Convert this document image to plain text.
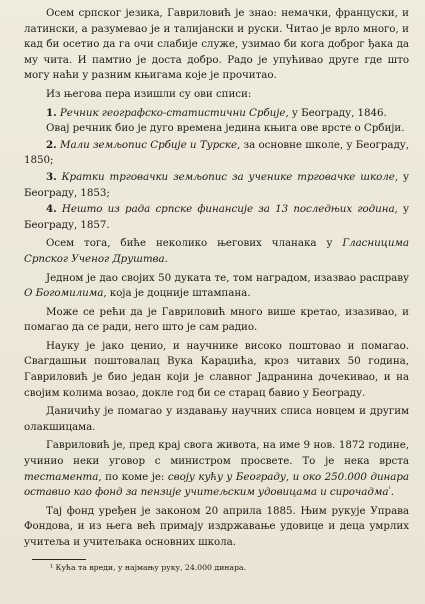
Осем српског језика, Гавриловић је знао: немачки, француски, и латински, а разумевао је и талијански и руски. Читао је врло много, и кад би осетио да га очи слабије служе, узимао би кога доброг ђака да му чита. И памтио је доста добро. Радо је упућивао друге где што могу наћи у разним књигама које је прочитао.

Из његова пера изишли су ови списи:

1. Речник географско-статистични Србије, у Београду, 1846.

Овај речник био је дуго времена једина књига ове врсте о Србији.

2. Мали земљопис Србије и Турске, за основне школе, у Београду, 1850;

3. Кратки трговачки земљопис за ученике трговачке школе, у Београду, 1853;

4. Нешто из рада српске финансије за 13 последњих година, у Београду, 1857.

Осем тога, биће неколико његових чланака у Гласницима Српског Ученог Друштва.

Једном је дао својих 50 дуката те, том наградом, изазвао расправу О Богомилима, која је доцније штампана.

Може се рећи да је Гавриловић много више кретао, изазивао, и помагао да се ради, него што је сам радио.

Науку је јако ценио, и научнике високо поштовао и помагао. Свагдашњи поштовалац Вука Караџића, кроз читавих 50 година, Гавриловић је био један који је славног Јадранина дочекивао, и на својим колима возао, докле год би се старац бавио у Београду.

Даничићу је помагао у издавању научних списа новцем и другим олакшицама.

Гавриловић је, пред крај свога живота, на име 9 нов. 1872 године, учинио неки уговор с министром просвете. То је нека врста тестамента, по коме је: своју кућу у Београду, и око 250.000 динара оставио као фонд за пензије учитељским удовицама и сирочадма$^{^1}$.

Тај фонд уређен је законом 20 априла 1885. Њим рукује Управа Фондова, и из њега већ примају издржавање удовице и деца умрлих учитеља и учитељака основних школа.

¹ Кућа та вреди, у најмању руку, 24.000 динара.
